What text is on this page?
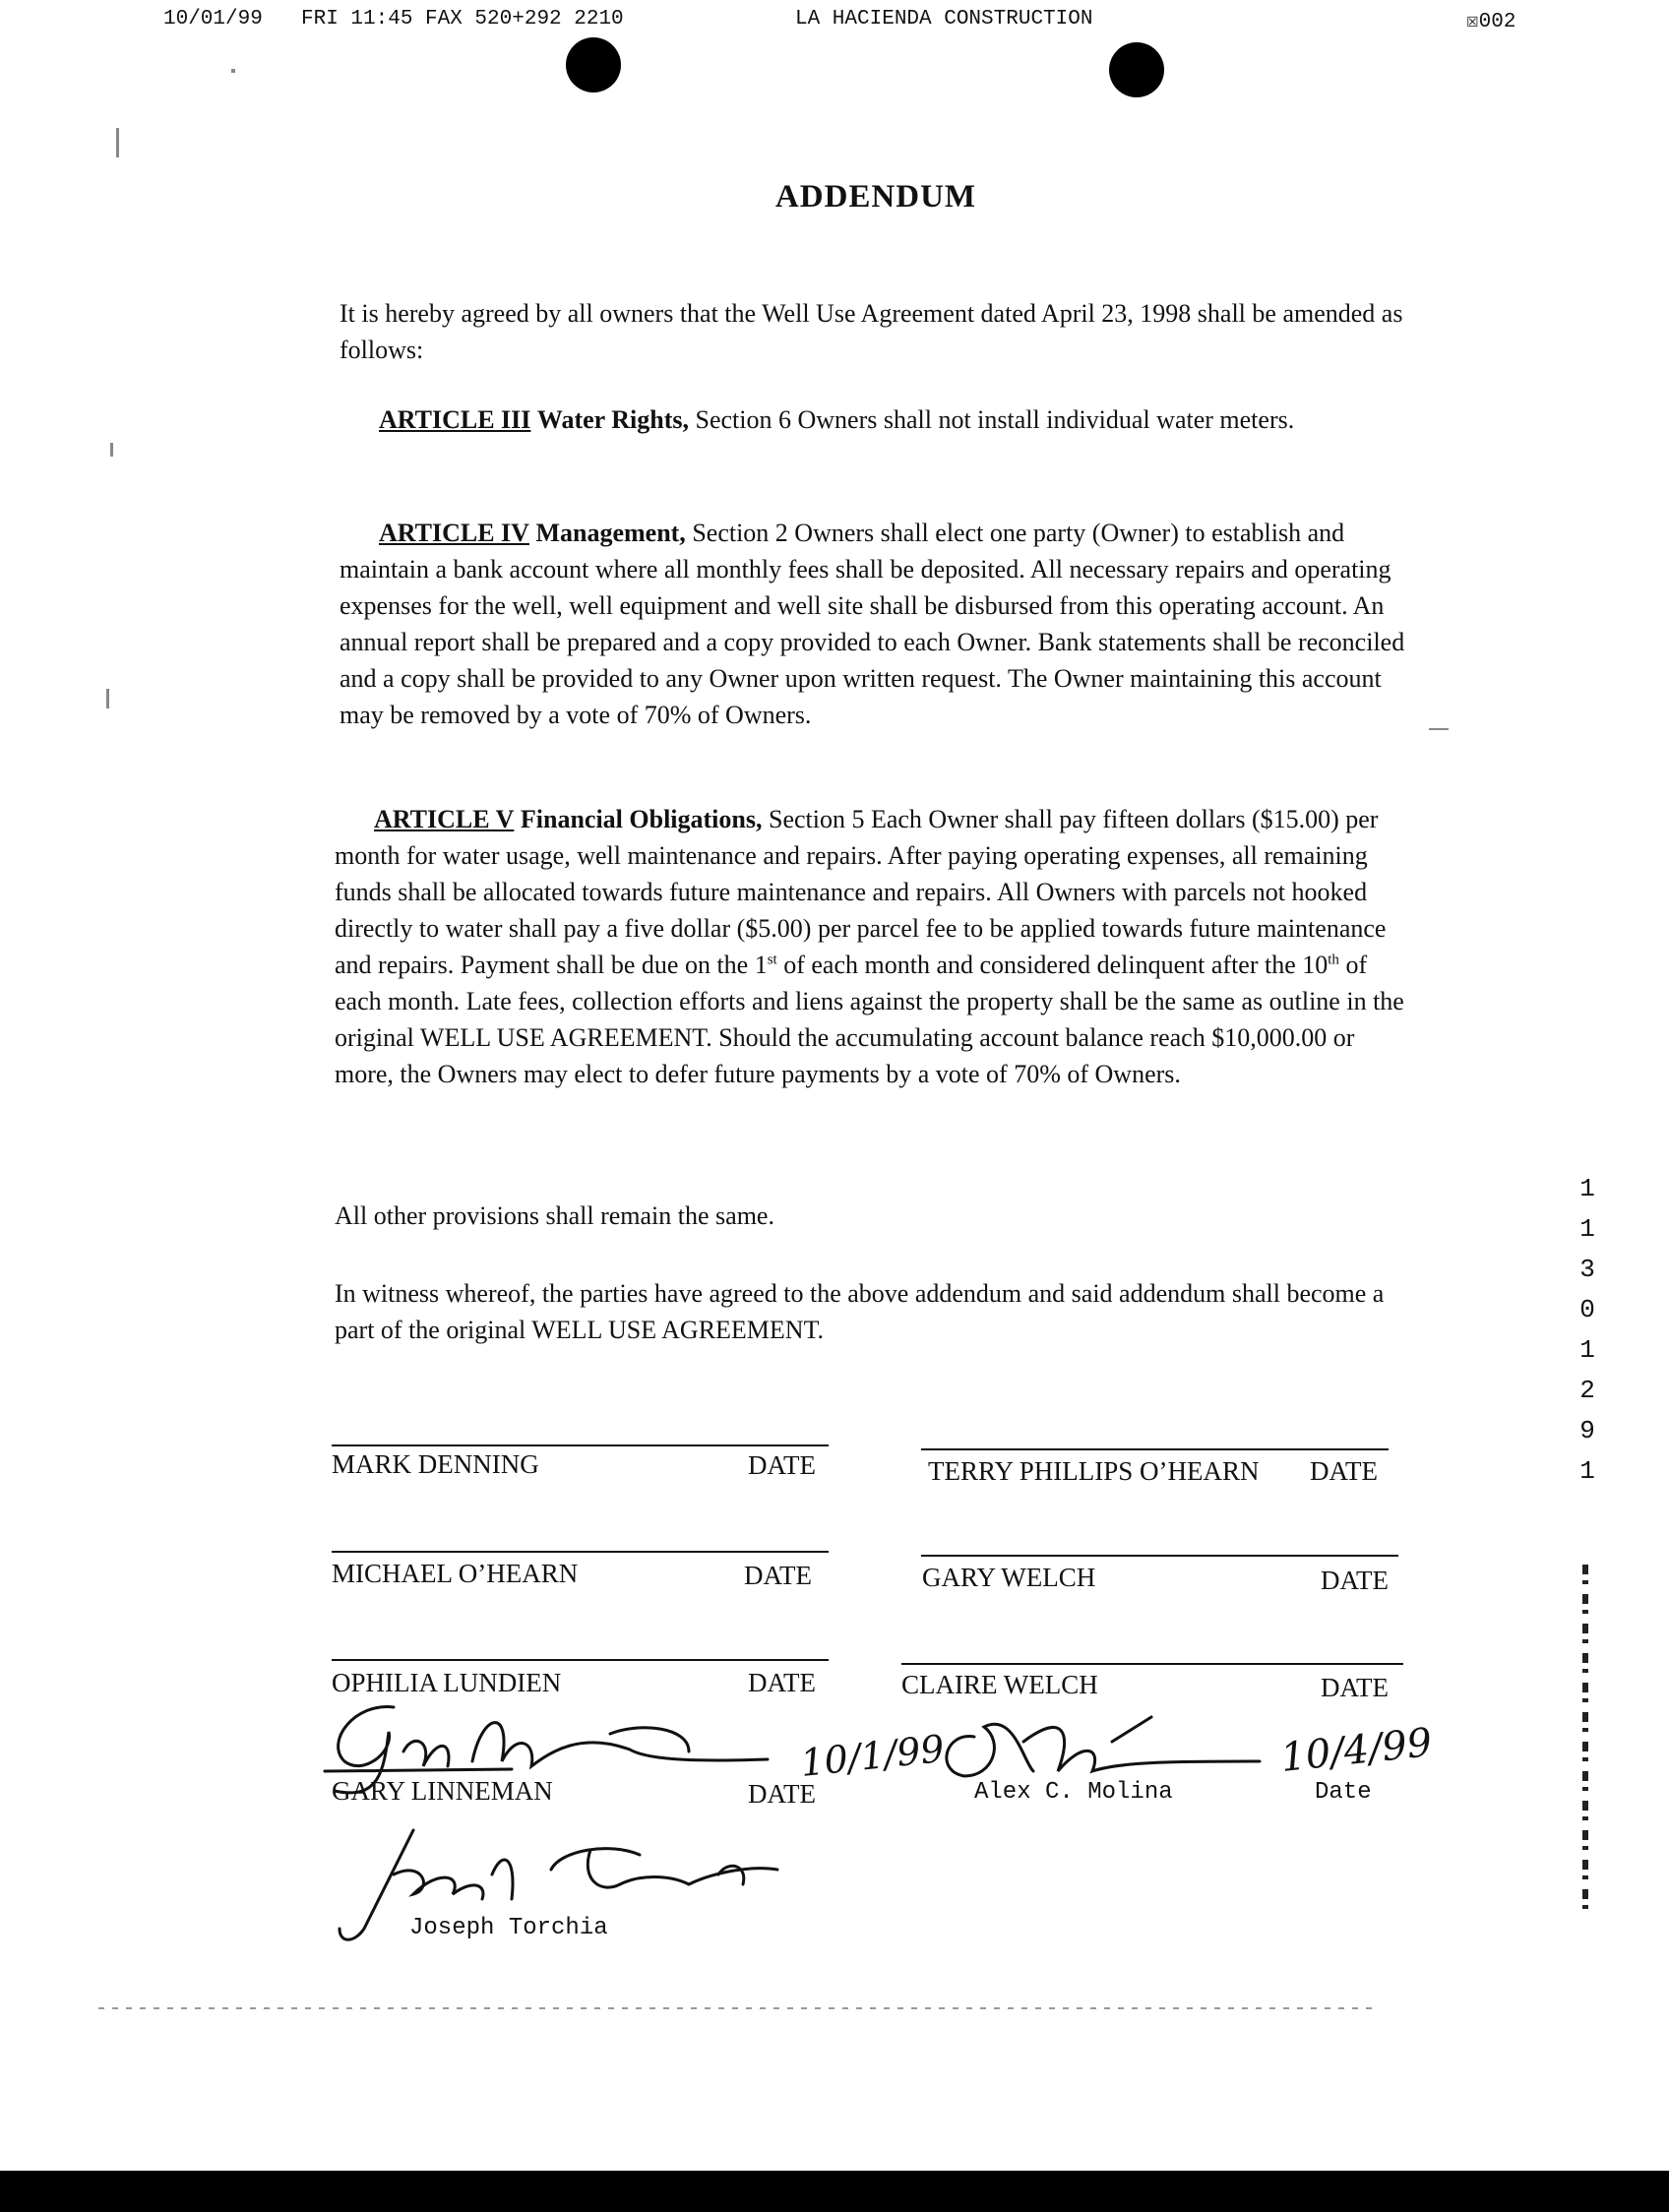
10/01/99 FRI 11:45 FAX 520+292 2210	LA HACIENDA CONSTRUCTION	☒002
ADDENDUM

It is hereby agreed by all owners that the Well Use Agreement dated April 23, 1998 shall be amended as follows:

ARTICLE III Water Rights, Section 6 Owners shall not install individual water meters.

ARTICLE IV Management, Section 2 Owners shall elect one party (Owner) to establish and maintain a bank account where all monthly fees shall be deposited. All necessary repairs and operating expenses for the well, well equipment and well site shall be disbursed from this operating account. An annual report shall be prepared and a copy provided to each Owner. Bank statements shall be reconciled and a copy shall be provided to any Owner upon written request. The Owner maintaining this account may be removed by a vote of 70% of Owners.

ARTICLE V Financial Obligations, Section 5 Each Owner shall pay fifteen dollars ($15.00) per month for water usage, well maintenance and repairs. After paying operating expenses, all remaining funds shall be allocated towards future maintenance and repairs. All Owners with parcels not hooked directly to water shall pay a five dollar ($5.00) per parcel fee to be applied towards future maintenance and repairs. Payment shall be due on the 1st of each month and considered delinquent after the 10th of each month. Late fees, collection efforts and liens against the property shall be the same as outline in the original WELL USE AGREEMENT. Should the accumulating account balance reach $10,000.00 or more, the Owners may elect to defer future payments by a vote of 70% of Owners.

All other provisions shall remain the same.

In witness whereof, the parties have agreed to the above addendum and said addendum shall become a part of the original WELL USE AGREEMENT.

MARK DENNING	DATE	TERRY PHILLIPS O’HEARN DATE
MICHAEL O’HEARN	DATE	GARY WELCH	DATE
OPHILIA LUNDIEN	DATE	CLAIRE WELCH	DATE
GARY LINNEMAN	DATE	Alex C. Molina	Date
Joseph Torchia
10/1/99	10/4/99
1
1
3
0
1
2
9
1
